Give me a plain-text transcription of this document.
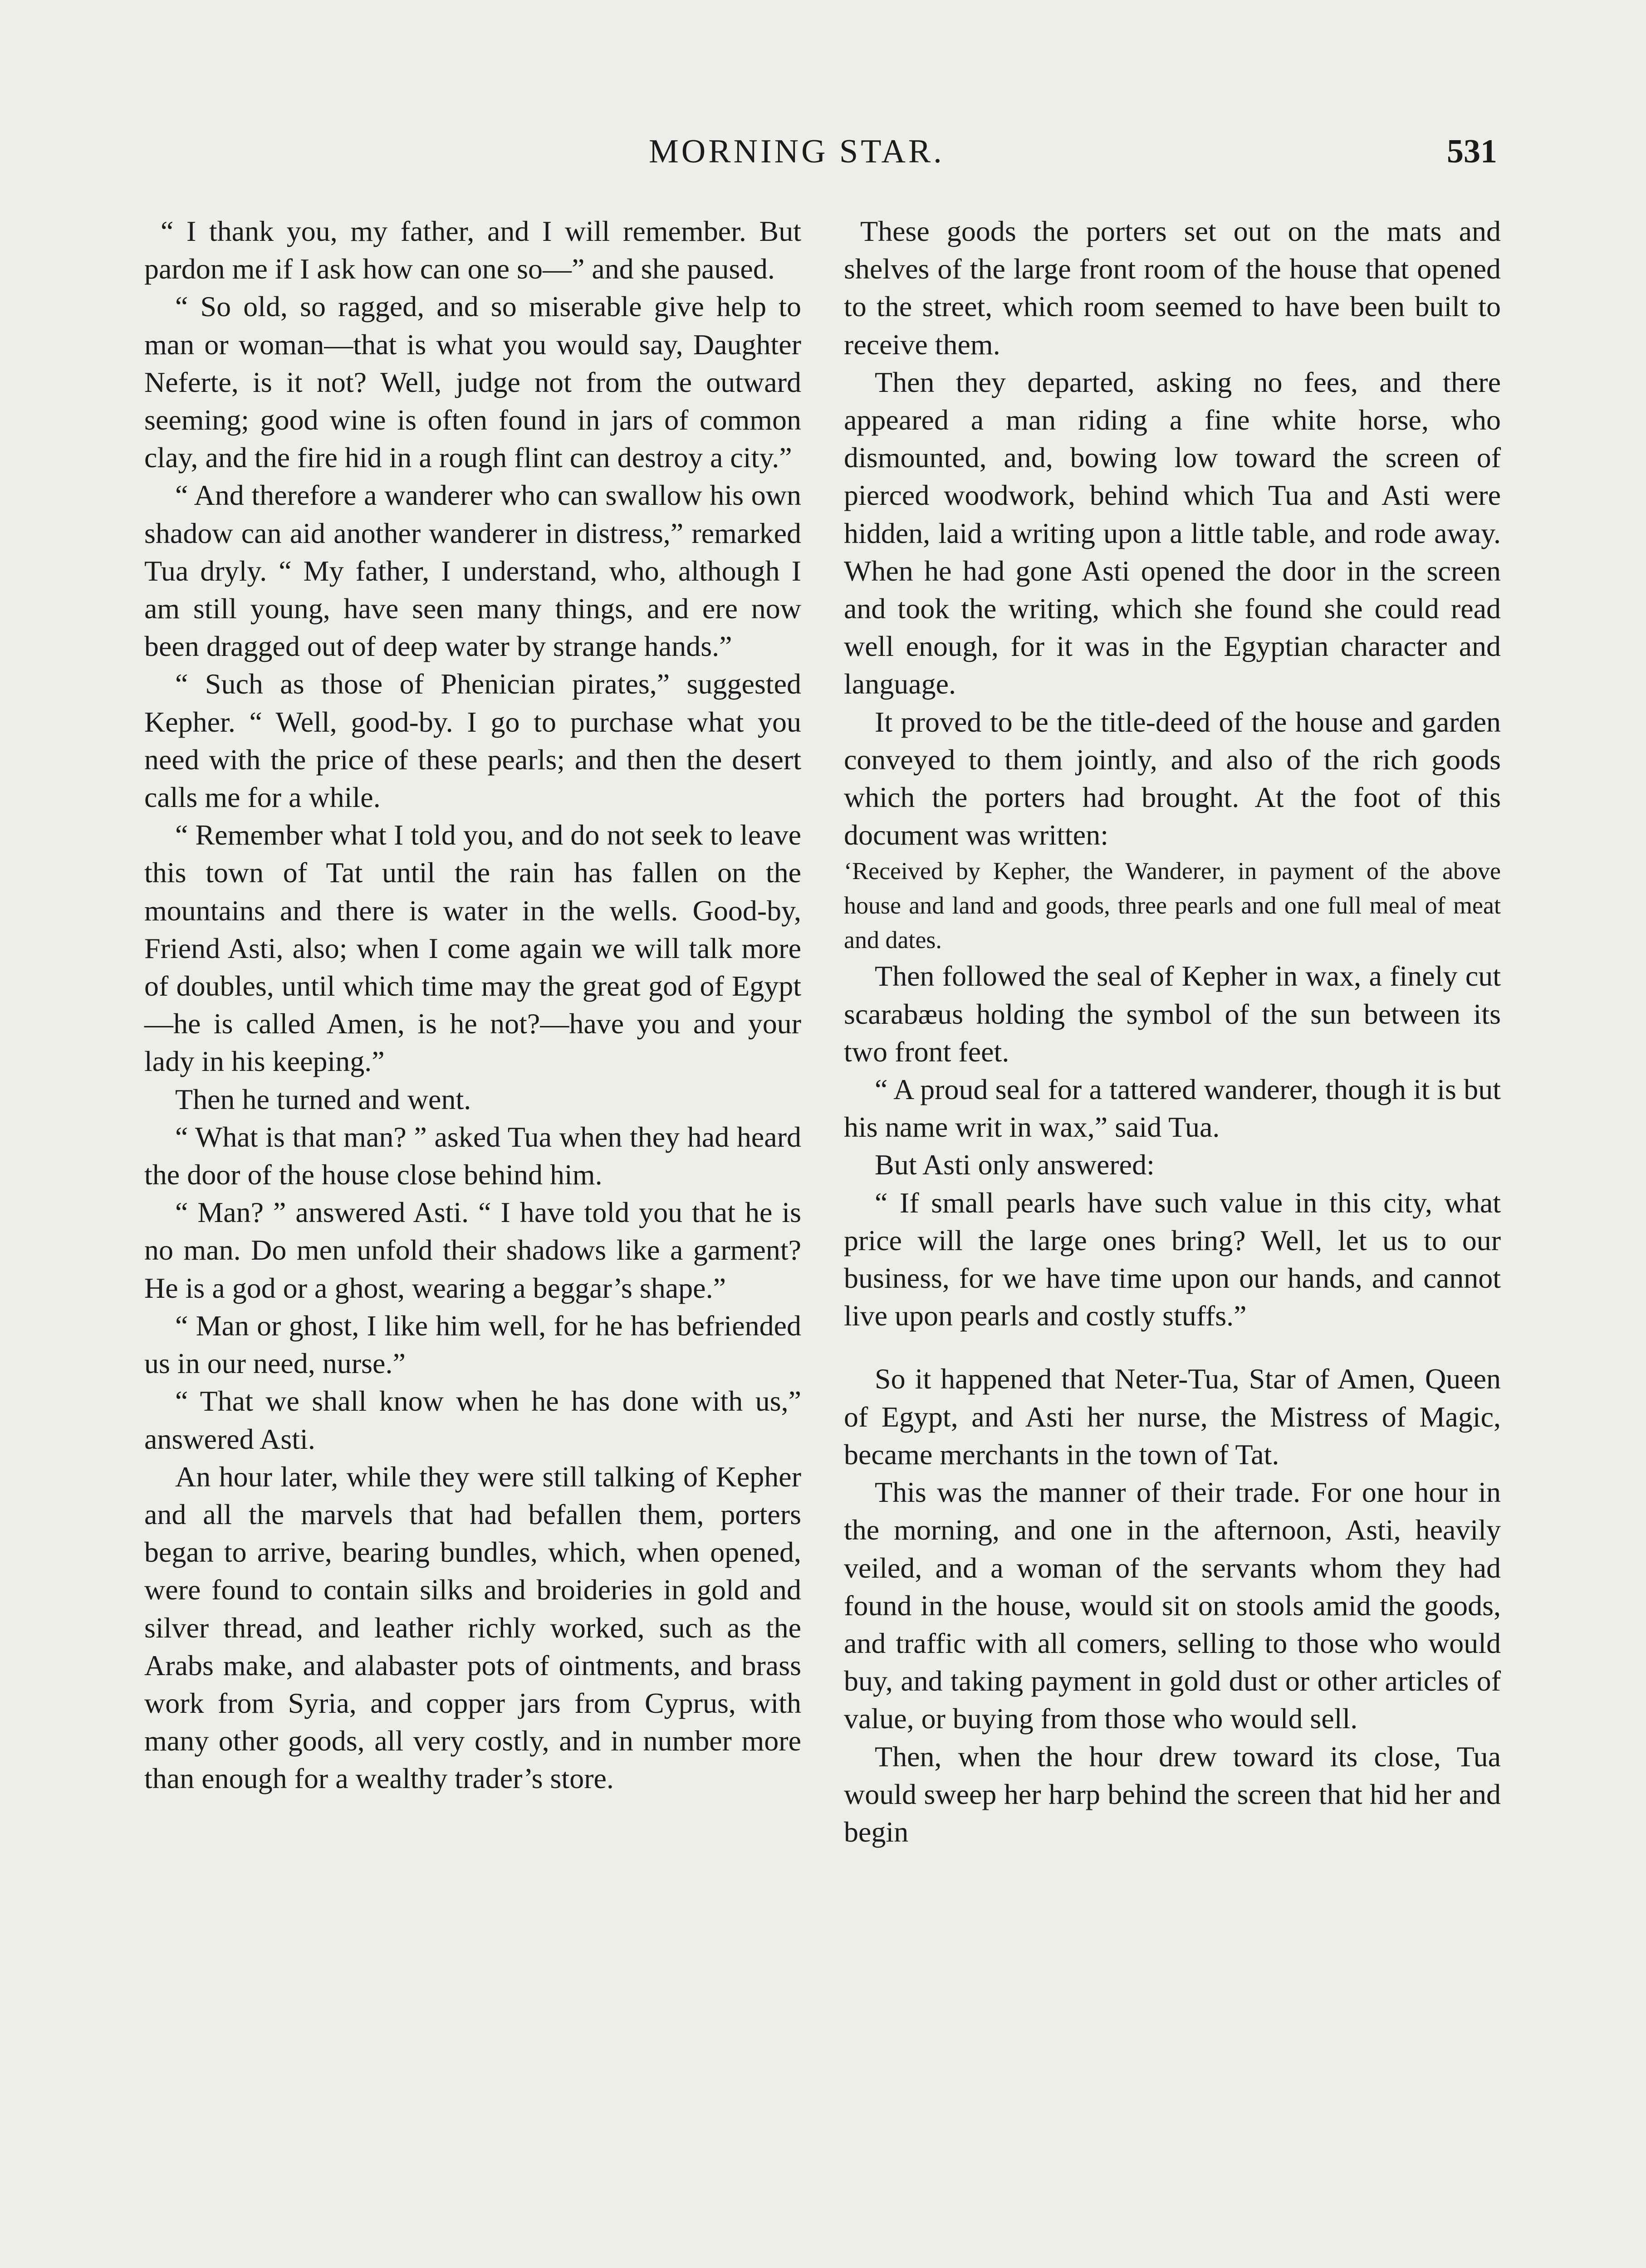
MORNING STAR.	531

“ I thank you, my father, and I will remember. But pardon me if I ask how can one so—” and she paused.

“ So old, so ragged, and so miserable give help to man or woman—that is what you would say, Daughter Neferte, is it not? Well, judge not from the outward seeming; good wine is often found in jars of common clay, and the fire hid in a rough flint can destroy a city.”

“ And therefore a wanderer who can swallow his own shadow can aid another wanderer in distress,” remarked Tua dryly. “ My father, I understand, who, although I am still young, have seen many things, and ere now been dragged out of deep water by strange hands.”

“ Such as those of Phenician pirates,” suggested Kepher. “ Well, good-by. I go to purchase what you need with the price of these pearls; and then the desert calls me for a while.

“ Remember what I told you, and do not seek to leave this town of Tat until the rain has fallen on the mountains and there is water in the wells. Good-by, Friend Asti, also; when I come again we will talk more of doubles, until which time may the great god of Egypt—he is called Amen, is he not?—have you and your lady in his keeping.”

Then he turned and went.

“ What is that man? ” asked Tua when they had heard the door of the house close behind him.

“ Man? ” answered Asti. “ I have told you that he is no man. Do men unfold their shadows like a garment? He is a god or a ghost, wearing a beggar’s shape.”

“ Man or ghost, I like him well, for he has befriended us in our need, nurse.”

“ That we shall know when he has done with us,” answered Asti.

An hour later, while they were still talking of Kepher and all the marvels that had befallen them, porters began to arrive, bearing bundles, which, when opened, were found to contain silks and broideries in gold and silver thread, and leather richly worked, such as the Arabs make, and alabaster pots of ointments, and brass work from Syria, and copper jars from Cyprus, with many other goods, all very costly, and in number more than enough for a wealthy trader’s store.

These goods the porters set out on the mats and shelves of the large front room of the house that opened to the street, which room seemed to have been built to receive them.

Then they departed, asking no fees, and there appeared a man riding a fine white horse, who dismounted, and, bowing low toward the screen of pierced woodwork, behind which Tua and Asti were hidden, laid a writing upon a little table, and rode away. When he had gone Asti opened the door in the screen and took the writing, which she found she could read well enough, for it was in the Egyptian character and language.

It proved to be the title-deed of the house and garden conveyed to them jointly, and also of the rich goods which the porters had brought. At the foot of this document was written:

‘Received by Kepher, the Wanderer, in payment of the above house and land and goods, three pearls and one full meal of meat and dates.

Then followed the seal of Kepher in wax, a finely cut scarabæus holding the symbol of the sun between its two front feet.

“ A proud seal for a tattered wanderer, though it is but his name writ in wax,” said Tua.

But Asti only answered:

“ If small pearls have such value in this city, what price will the large ones bring? Well, let us to our business, for we have time upon our hands, and cannot live upon pearls and costly stuffs.”

So it happened that Neter-Tua, Star of Amen, Queen of Egypt, and Asti her nurse, the Mistress of Magic, became merchants in the town of Tat.

This was the manner of their trade. For one hour in the morning, and one in the afternoon, Asti, heavily veiled, and a woman of the servants whom they had found in the house, would sit on stools amid the goods, and traffic with all comers, selling to those who would buy, and taking payment in gold dust or other articles of value, or buying from those who would sell.

Then, when the hour drew toward its close, Tua would sweep her harp behind the screen that hid her and begin
